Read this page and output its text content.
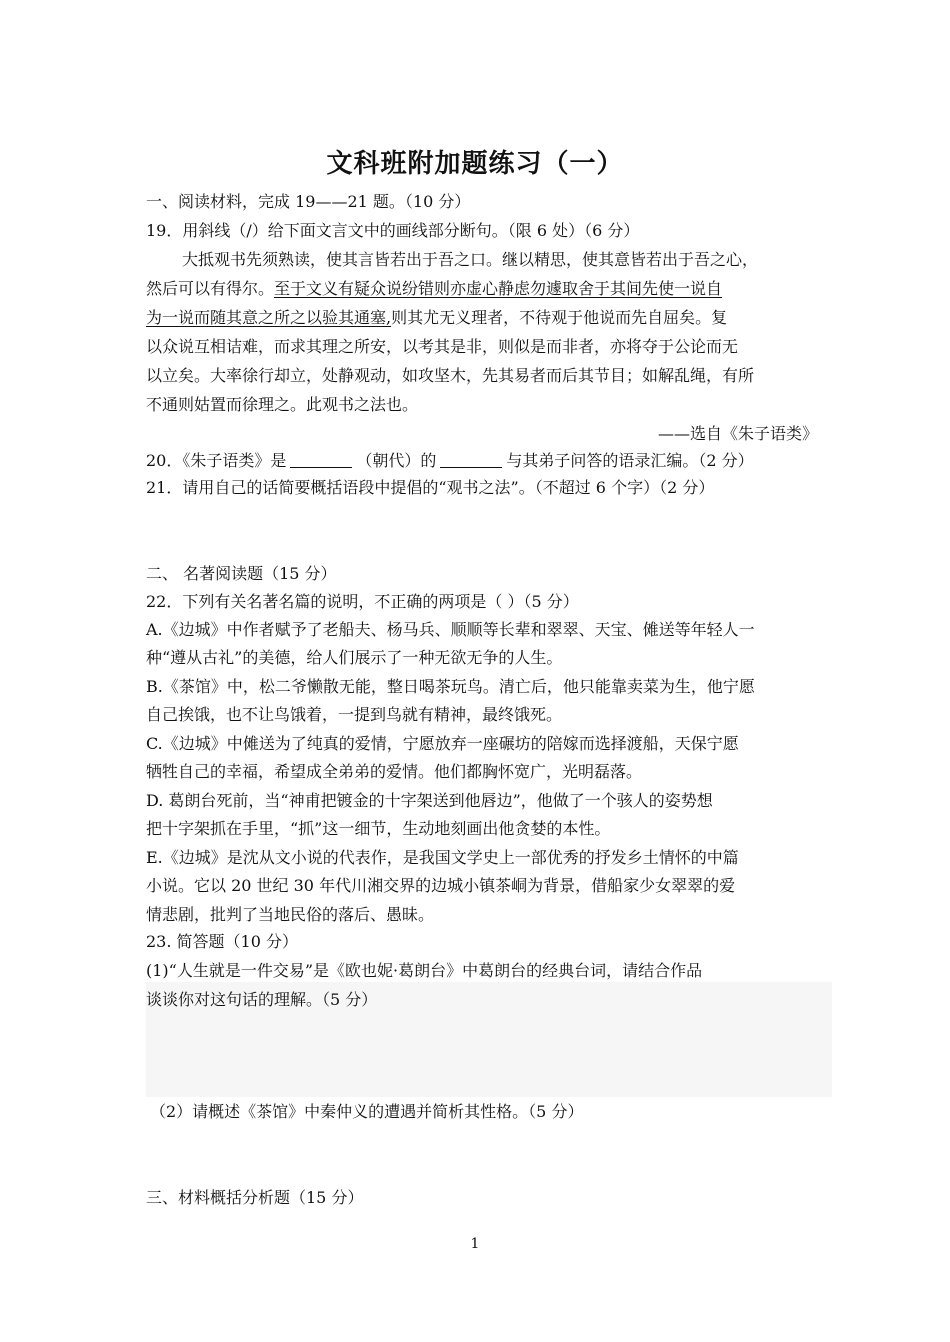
文科班附加题练习（一）
一、阅读材料，完成 19——21 题。（10 分）
19．用斜线（/）给下面文言文中的画线部分断句。（限 6 处）（6 分）
大抵观书先须熟读，使其言皆若出于吾之口。继以精思，使其意皆若出于吾之心，
然后可以有得尔。至于文义有疑众说纷错则亦虚心静虑勿遽取舍于其间先使一说自
为一说而随其意之所之以验其通塞,则其尤无义理者，不待观于他说而先自屈矣。复
以众说互相诘难，而求其理之所安，以考其是非，则似是而非者，亦将夺于公论而无
以立矣。大率徐行却立，处静观动，如攻坚木，先其易者而后其节目；如解乱绳，有所
不通则姑置而徐理之。此观书之法也。
——选自《朱子语类》
20．《朱子语类》是	（朝代）的	与其弟子问答的语录汇编。（2 分）
21．请用自己的话简要概括语段中提倡的“观书之法”。（不超过 6 个字）（2 分）
二、 名著阅读题（15 分）
22．下列有关名著名篇的说明，不正确的两项是（ ）（5 分）
A.《边城》中作者赋予了老船夫、杨马兵、顺顺等长辈和翠翠、天宝、傩送等年轻人一
种“遵从古礼”的美德，给人们展示了一种无欲无争的人生。
B.《茶馆》中，松二爷懒散无能，整日喝茶玩鸟。清亡后，他只能靠卖菜为生，他宁愿
自己挨饿，也不让鸟饿着，一提到鸟就有精神，最终饿死。
C.《边城》中傩送为了纯真的爱情，宁愿放弃一座碾坊的陪嫁而选择渡船，天保宁愿
牺牲自己的幸福，希望成全弟弟的爱情。他们都胸怀宽广，光明磊落。
D. 葛朗台死前，当“神甫把镀金的十字架送到他唇边”，他做了一个骇人的姿势想
把十字架抓在手里，“抓”这一细节，生动地刻画出他贪婪的本性。
E.《边城》是沈从文小说的代表作，是我国文学史上一部优秀的抒发乡土情怀的中篇
小说。它以 20 世纪 30 年代川湘交界的边城小镇茶峒为背景，借船家少女翠翠的爱
情悲剧，批判了当地民俗的落后、愚昧。
23. 简答题（10 分）
(1)“人生就是一件交易”是《欧也妮·葛朗台》中葛朗台的经典台词，请结合作品
谈谈你对这句话的理解。（5 分）
（2）请概述《茶馆》中秦仲义的遭遇并简析其性格。（5 分）
三、材料概括分析题（15 分）
1
